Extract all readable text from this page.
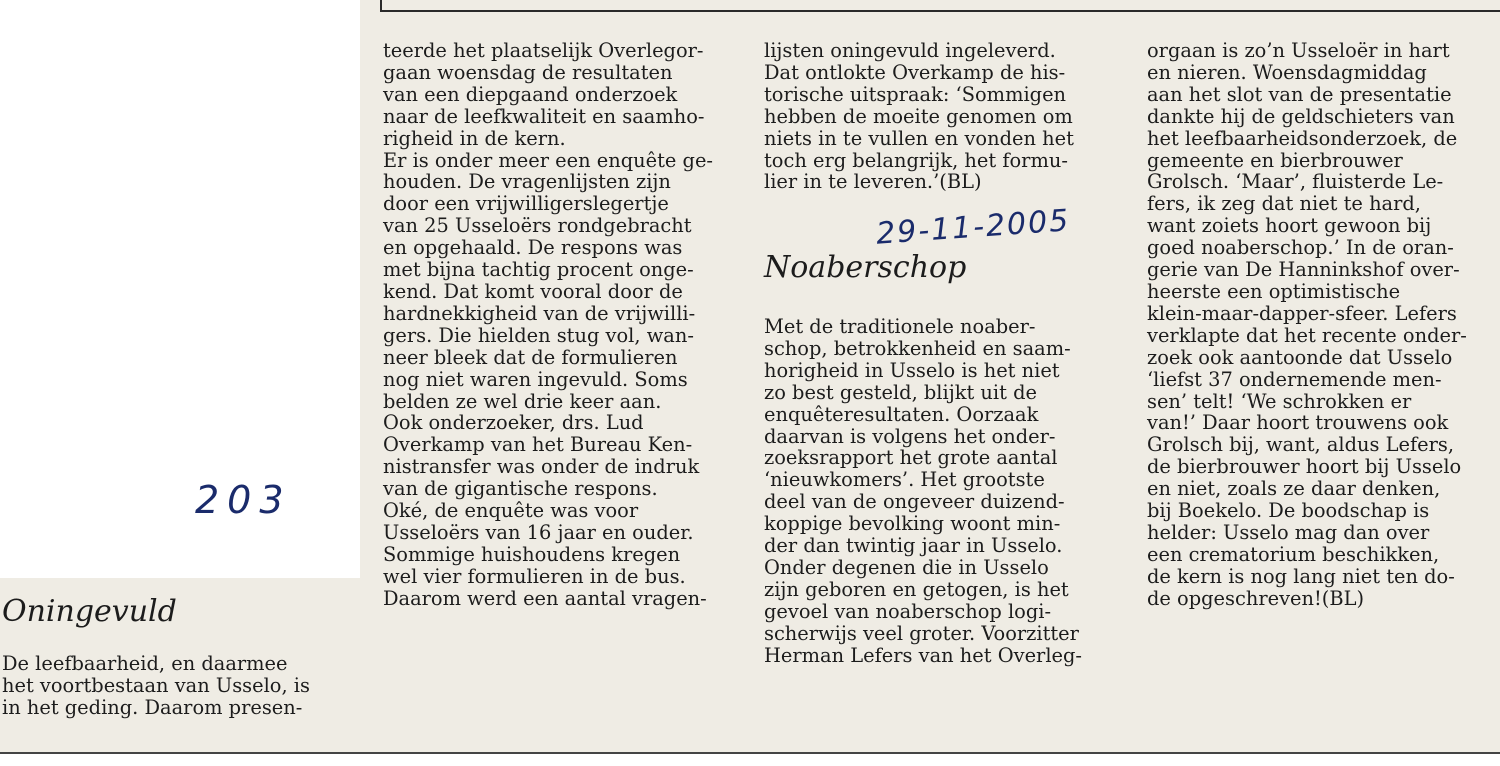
teerde het plaatselijk Overlegor-
gaan woensdag de resultaten
van een diepgaand onderzoek
naar de leefkwaliteit en saamho-
righeid in de kern.
Er is onder meer een enquête ge-
houden. De vragenlijsten zijn
door een vrijwilligerslegertje
van 25 Usseloërs rondgebracht
en opgehaald. De respons was
met bijna tachtig procent onge-
kend. Dat komt vooral door de
hardnekkigheid van de vrijwilli-
gers. Die hielden stug vol, wan-
neer bleek dat de formulieren
nog niet waren ingevuld. Soms
belden ze wel drie keer aan.
Ook onderzoeker, drs. Lud
Overkamp van het Bureau Ken-
nistransfer was onder de indruk
van de gigantische respons.
Oké, de enquête was voor
Usseloërs van 16 jaar en ouder.
Sommige huishoudens kregen
wel vier formulieren in de bus.
Daarom werd een aantal vragen-
lijsten oningevuld ingeleverd.
Dat ontlokte Overkamp de his-
torische uitspraak: ‘Sommigen
hebben de moeite genomen om
niets in te vullen en vonden het
toch erg belangrijk, het formu-
lier in te leveren.’(BL)
Noaberschop
Met de traditionele noaber-
schop, betrokkenheid en saam-
horigheid in Usselo is het niet
zo best gesteld, blijkt uit de
enquêteresultaten. Oorzaak
daarvan is volgens het onder-
zoeksrapport het grote aantal
‘nieuwkomers’. Het grootste
deel van de ongeveer duizend-
koppige bevolking woont min-
der dan twintig jaar in Usselo.
Onder degenen die in Usselo
zijn geboren en getogen, is het
gevoel van noaberschop logi-
scherwijs veel groter. Voorzitter
Herman Lefers van het Overleg-
orgaan is zo’n Usseloër in hart
en nieren. Woensdagmiddag
aan het slot van de presentatie
dankte hij de geldschieters van
het leefbaarheidsonderzoek, de
gemeente en bierbrouwer
Grolsch. ‘Maar’, fluisterde Le-
fers, ik zeg dat niet te hard,
want zoiets hoort gewoon bij
goed noaberschop.’ In de oran-
gerie van De Hanninkshof over-
heerste een optimistische
klein-maar-dapper-sfeer. Lefers
verklapte dat het recente onder-
zoek ook aantoonde dat Usselo
‘liefst 37 ondernemende men-
sen’ telt! ‘We schrokken er
van!’ Daar hoort trouwens ook
Grolsch bij, want, aldus Lefers,
de bierbrouwer hoort bij Usselo
en niet, zoals ze daar denken,
bij Boekelo. De boodschap is
helder: Usselo mag dan over
een crematorium beschikken,
de kern is nog lang niet ten do-
de opgeschreven!(BL)
Oningevuld
De leefbaarheid, en daarmee
het voortbestaan van Usselo, is
in het geding. Daarom presen-
29-11-2005
203
